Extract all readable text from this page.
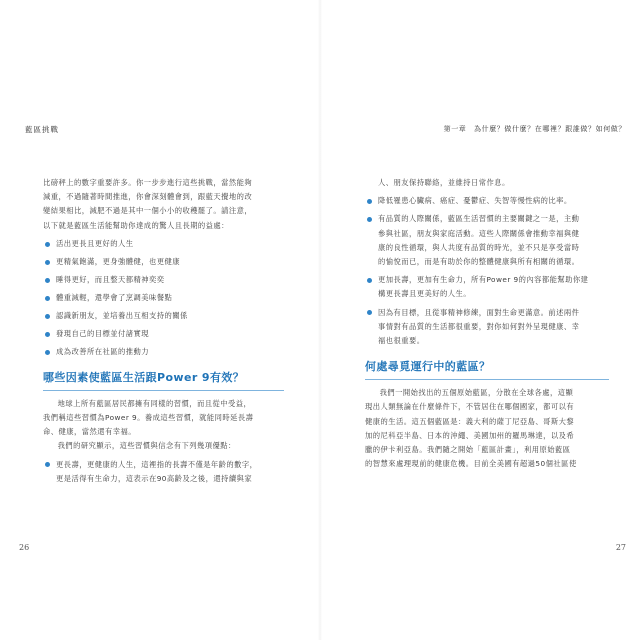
藍區挑戰

比磅秤上的數字重要許多。你一步步進行這些挑戰，當然能夠
減重，不過隨著時間推進，你會深刻體會到，跟藍天攪地的改
變結果相比，減肥不過是其中一個小小的收穫罷了。請注意，
以下就是藍區生活能幫助你達成的驚人且長期的益處：

活出更長且更好的人生
更精氣飽滿，更身強體健，也更健康
睡得更好，而且整天都精神奕奕
體重減輕，還學會了烹調美味餐點
認識新朋友，並培養出互相支持的關係
發現自己的目標並付諸實現
成為改善所在社區的推動力
哪些因素使藍區生活跟Power 9有效？

地球上所有藍區居民都擁有同樣的習慣，而且從中受益，
我們稱這些習慣為Power 9。養成這些習慣，就能同時延長壽
命、健康，當然還有幸福。

我們的研究顯示，這些習慣與信念有下列幾項優點：

更長壽，更健康的人生，這裡指的長壽不僅是年齡的數字，
更是活得有生命力，這表示在90高齡及之後，還持續與家
26
第一章　為什麼？做什麼？在哪裡？跟誰做？如何做？

人、朋友保持聯絡，並維持日常作息。

降低罹患心臟病、癌症、憂鬱症、失智等慢性病的比率。
有品質的人際關係，藍區生活習慣的主要關鍵之一是，主動
參與社區，朋友與家庭活動。這些人際關係會推動幸福與健
康的良性循環，與人共度有品質的時光，並不只是享受當時
的愉悅而已，而是有助於你的整體健康與所有相關的循環。
更加長壽，更加有生命力，所有Power 9的內容都能幫助你建
構更長壽且更美好的人生。
因為有目標，且從事精神修練，面對生命更滿意。前述兩件
事情對有品質的生活都很重要，對你如何對外呈現健康、幸
福也很重要。
何處尋覓運行中的藍區？

我們一開始找出的五個原始藍區，分散在全球各處，這顯
現出人類無論在什麼條件下，不管居住在哪個國家，都可以有
健康的生活。這五個藍區是：義大利的薩丁尼亞島、哥斯大黎
加的尼科亞半島、日本的沖繩、美國加州的羅馬琳達，以及希
臘的伊卡利亞島。我們隨之開始「藍區計畫」，利用原始藍區
的智慧來處理現前的健康危機。目前全美國有超過50個社區使

27
